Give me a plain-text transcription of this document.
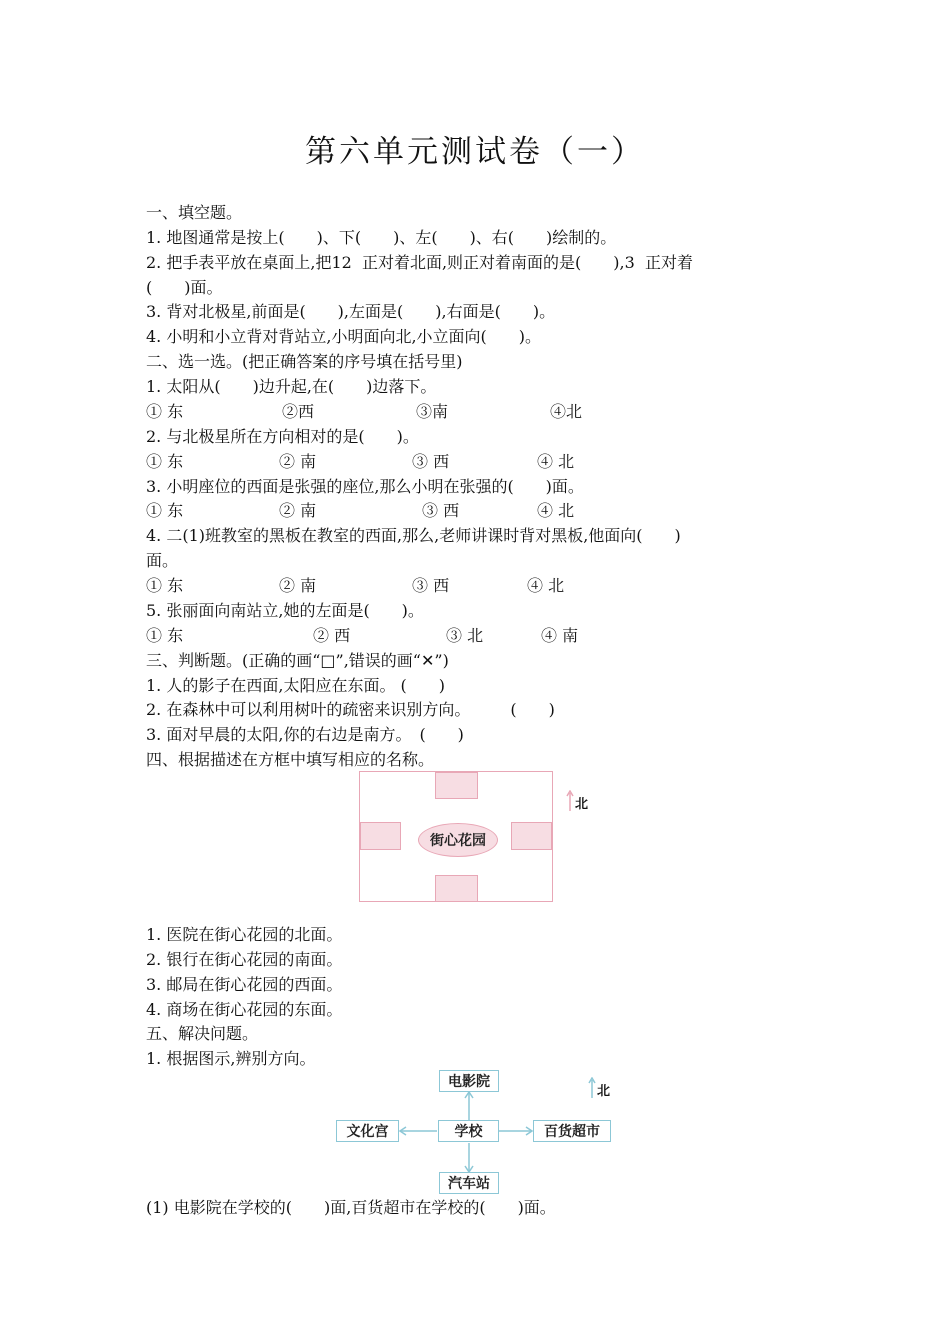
第六单元测试卷（一）
一、填空题。
1. 地图通常是按上(　　)、下(　　)、左(　　)、右(　　)绘制的。
2. 把手表平放在桌面上,把12  正对着北面,则正对着南面的是(　　),3  正对着
(　　)面。
3. 背对北极星,前面是(　　),左面是(　　),右面是(　　)。
4. 小明和小立背对背站立,小明面向北,小立面向(　　)。
二、选一选。(把正确答案的序号填在括号里)
1. 太阳从(　　)边升起,在(　　)边落下。
① 东	②西	③南	④北
2. 与北极星所在方向相对的是(　　)。
① 东	② 南	③ 西	④ 北
3. 小明座位的西面是张强的座位,那么小明在张强的(　　)面。
① 东	② 南	③ 西	④ 北
4. 二(1)班教室的黑板在教室的西面,那么,老师讲课时背对黑板,他面向(　　)
面。
① 东	② 南	③ 西	④ 北
5. 张丽面向南站立,她的左面是(　　)。
① 东	② 西	③ 北	④ 南
三、判断题。(正确的画“□”,错误的画“✕”)
1. 人的影子在西面,太阳应在东面。 (　　)
2. 在森林中可以利用树叶的疏密来识别方向。　　　(　　)
3. 面对早晨的太阳,你的右边是南方。　(　　)
四、根据描述在方框中填写相应的名称。
街心花园
北
1. 医院在街心花园的北面。
2. 银行在街心花园的南面。
3. 邮局在街心花园的西面。
4. 商场在街心花园的东面。
五、解决问题。
1. 根据图示,辨别方向。
电影院
文化宫	学校	百货超市
汽车站
北
(1) 电影院在学校的(　　)面,百货超市在学校的(　　)面。
